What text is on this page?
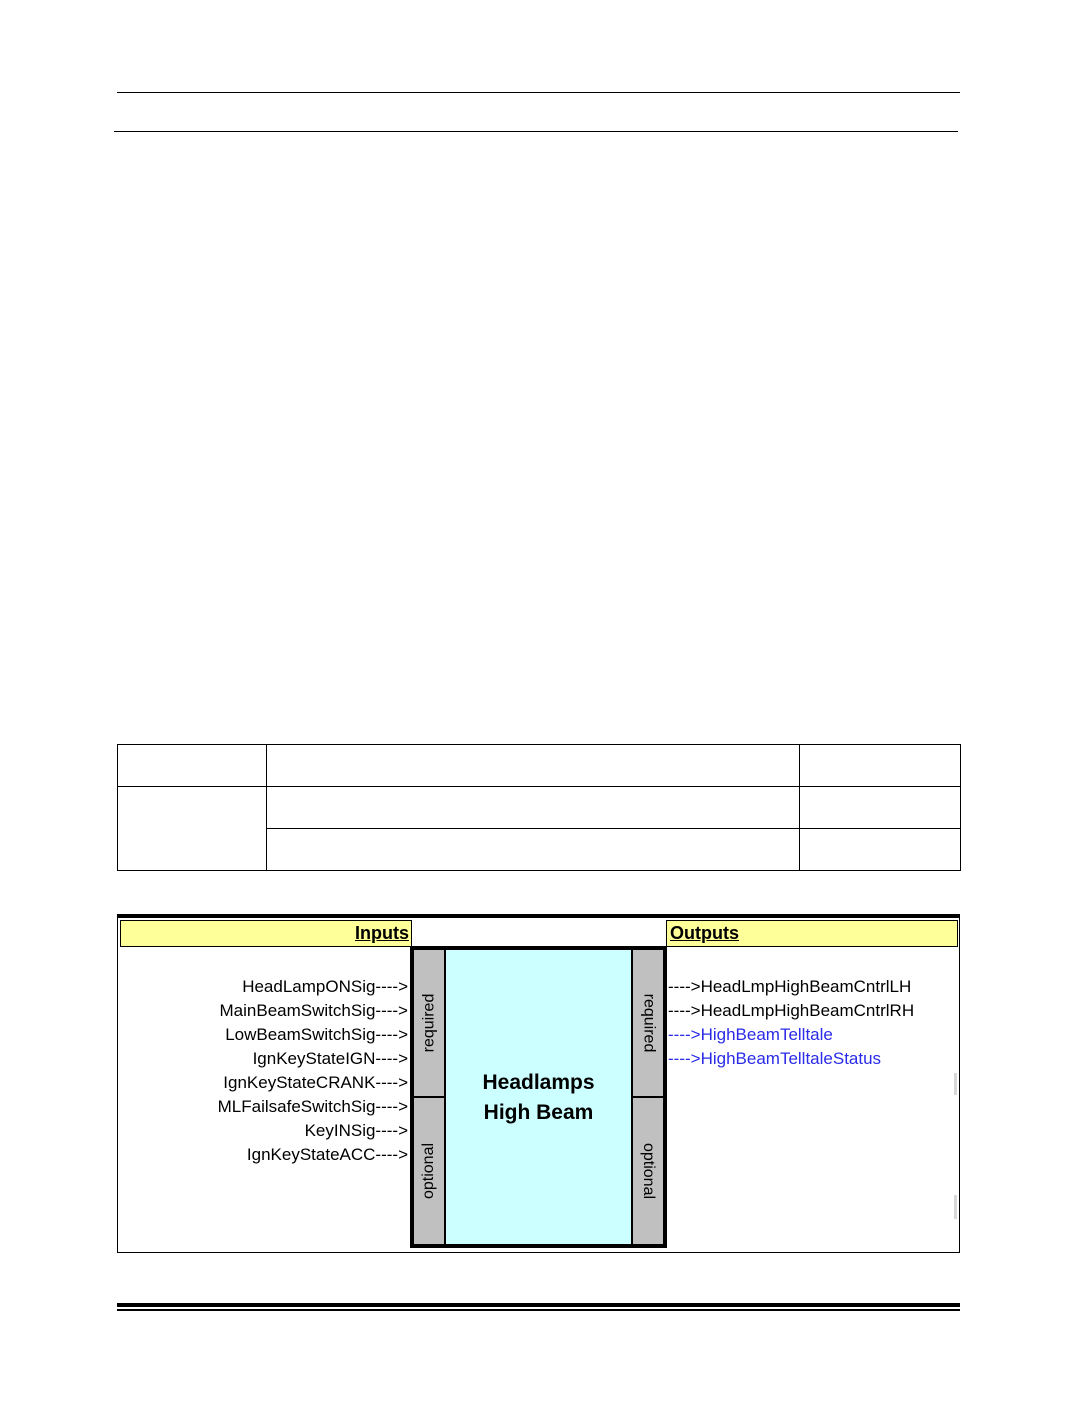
Inputs	Outputs
HeadLampONSig---->
MainBeamSwitchSig---->
LowBeamSwitchSig---->
IgnKeyStateIGN---->
IgnKeyStateCRANK---->
MLFailsafeSwitchSig---->
KeyINSig---->
IgnKeyStateACC---->
required
optional
Headlamps
High Beam
required
optional
---->HeadLmpHighBeamCntrlLH
---->HeadLmpHighBeamCntrlRH
---->HighBeamTelltale
---->HighBeamTelltaleStatus
